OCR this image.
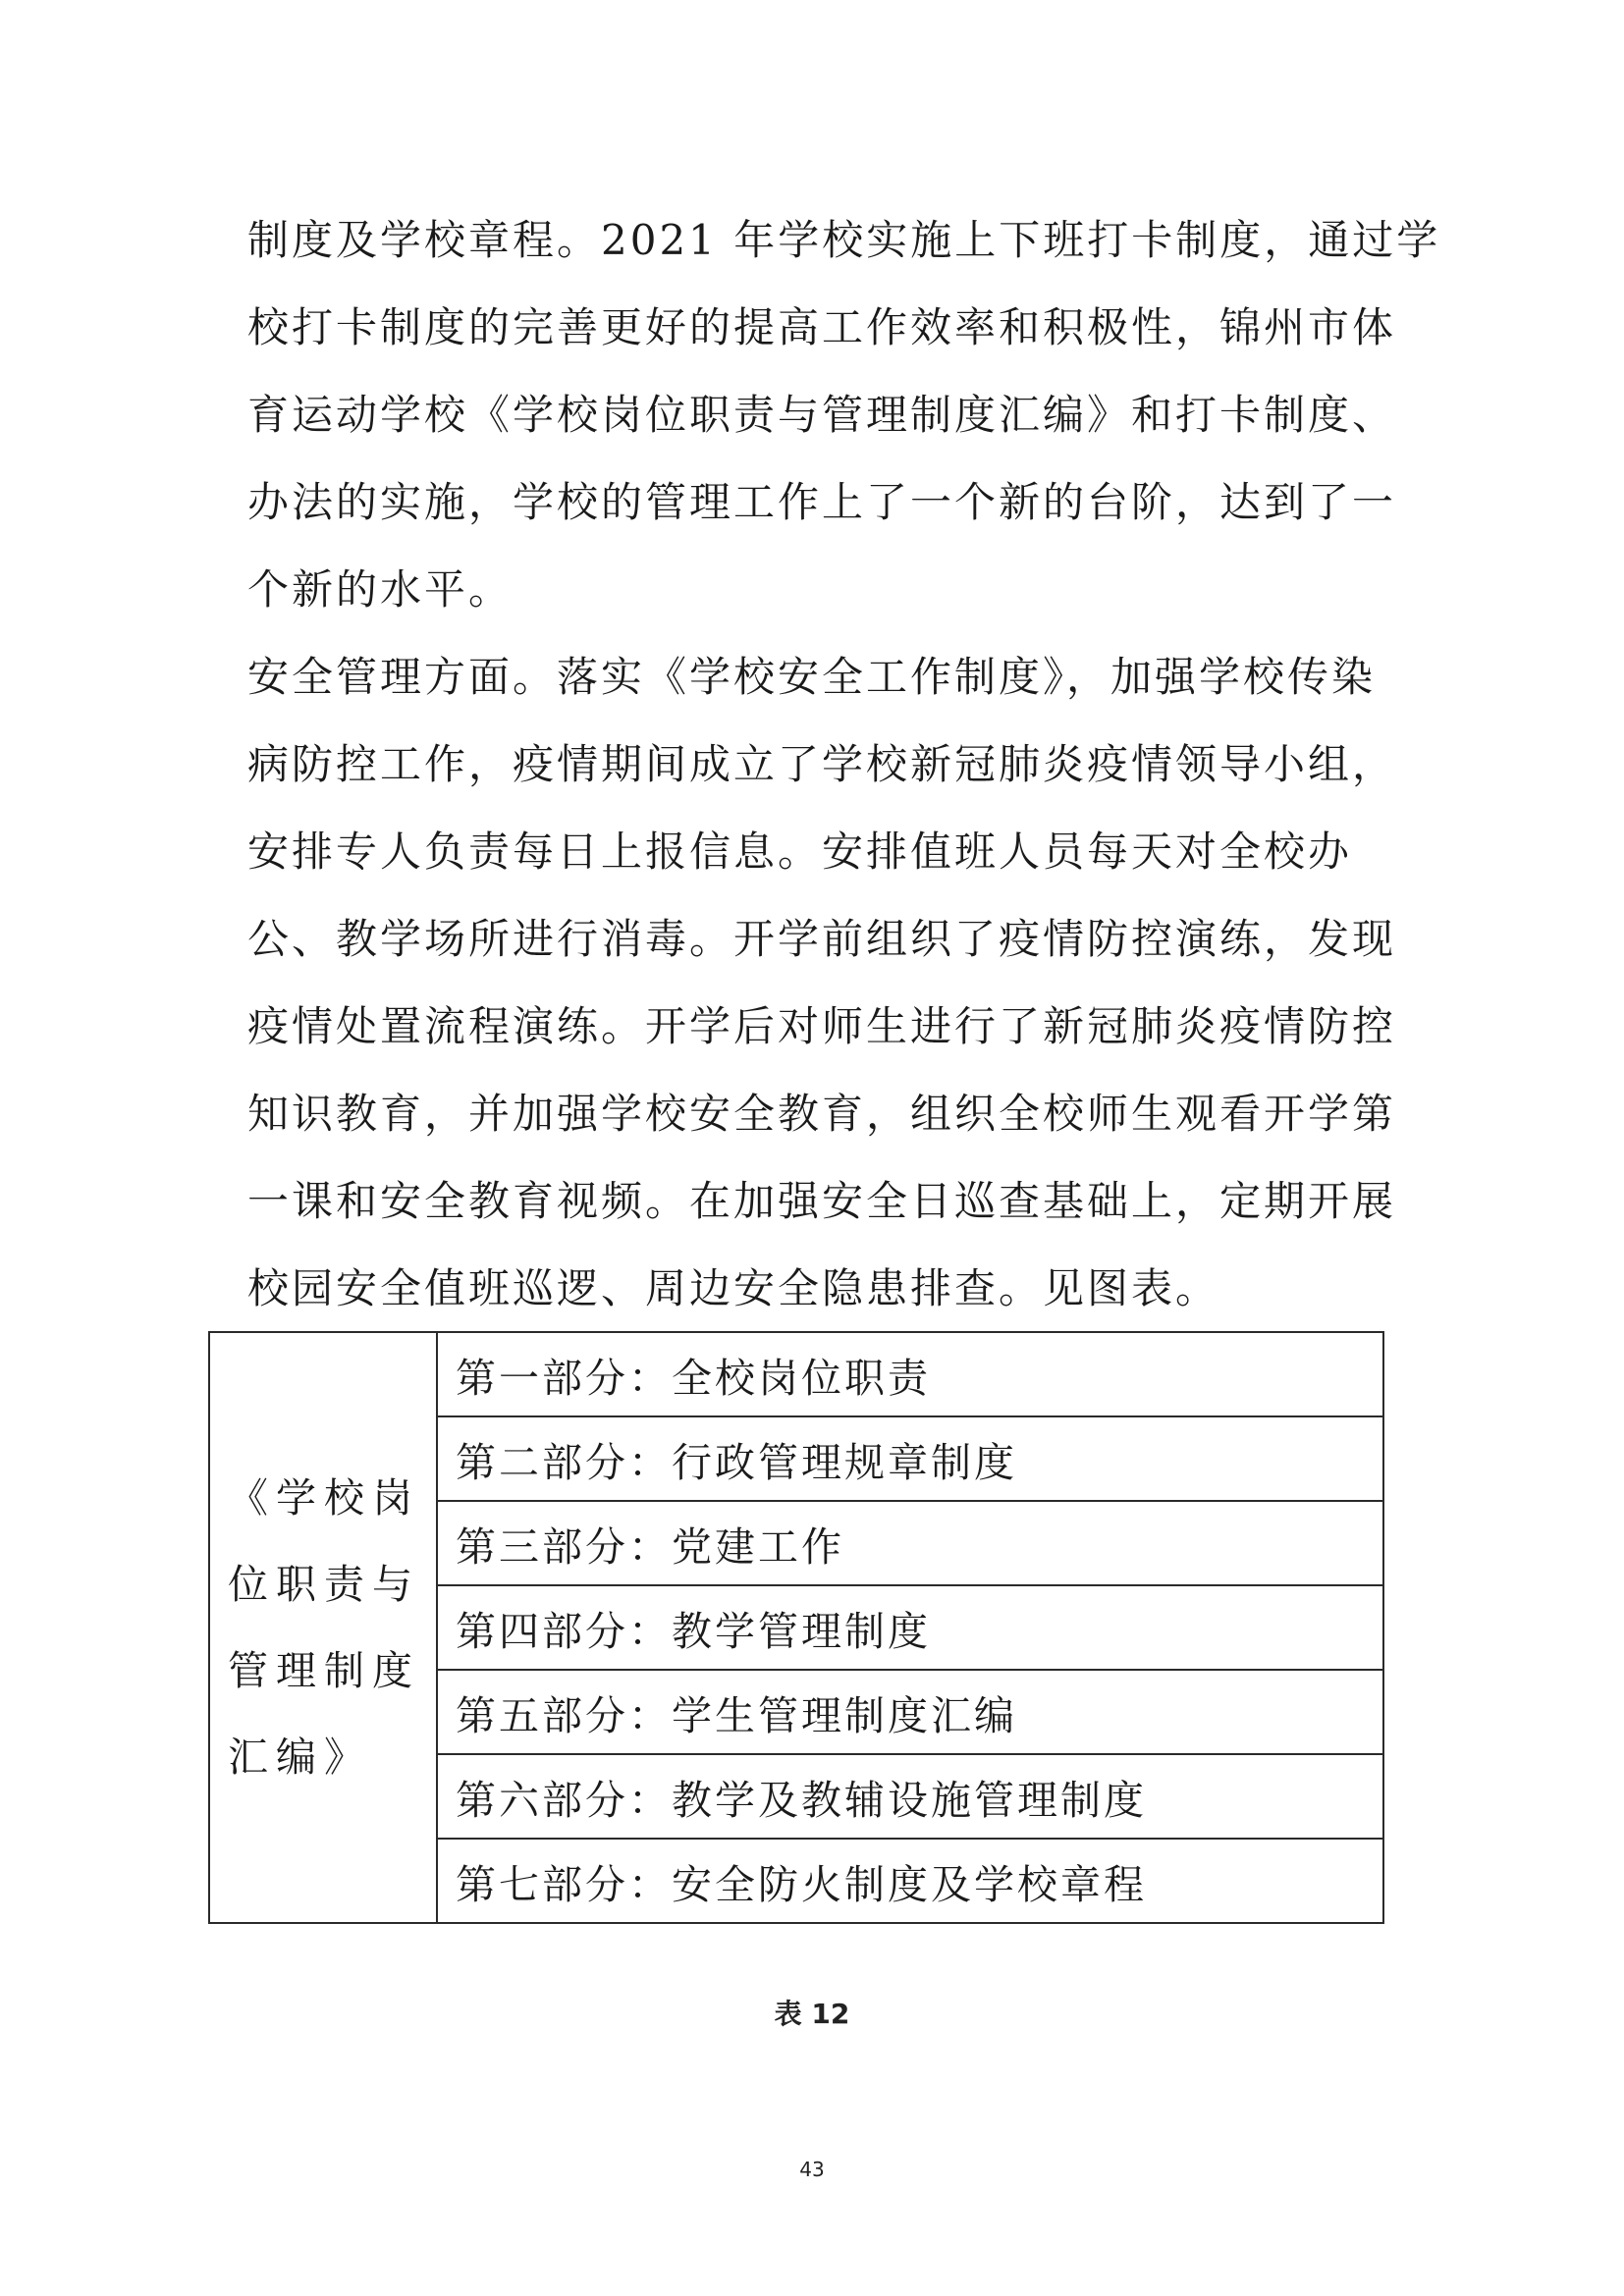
制度及学校章程。2021 年学校实施上下班打卡制度，通过学
校打卡制度的完善更好的提高工作效率和积极性，锦州市体
育运动学校《学校岗位职责与管理制度汇编》和打卡制度、
办法的实施，学校的管理工作上了一个新的台阶，达到了一
个新的水平。
安全管理方面。落实《学校安全工作制度》，加强学校传染
病防控工作，疫情期间成立了学校新冠肺炎疫情领导小组，
安排专人负责每日上报信息。安排值班人员每天对全校办
公、教学场所进行消毒。开学前组织了疫情防控演练，发现
疫情处置流程演练。开学后对师生进行了新冠肺炎疫情防控
知识教育，并加强学校安全教育，组织全校师生观看开学第
一课和安全教育视频。在加强安全日巡查基础上，定期开展
校园安全值班巡逻、周边安全隐患排查。见图表。
《学校岗
位职责与
管理制度
汇编》
	第一部分：全校岗位职责
第二部分：行政管理规章制度
第三部分：党建工作
第四部分：教学管理制度
第五部分：学生管理制度汇编
第六部分：教学及教辅设施管理制度
第七部分：安全防火制度及学校章程
表 12
43
